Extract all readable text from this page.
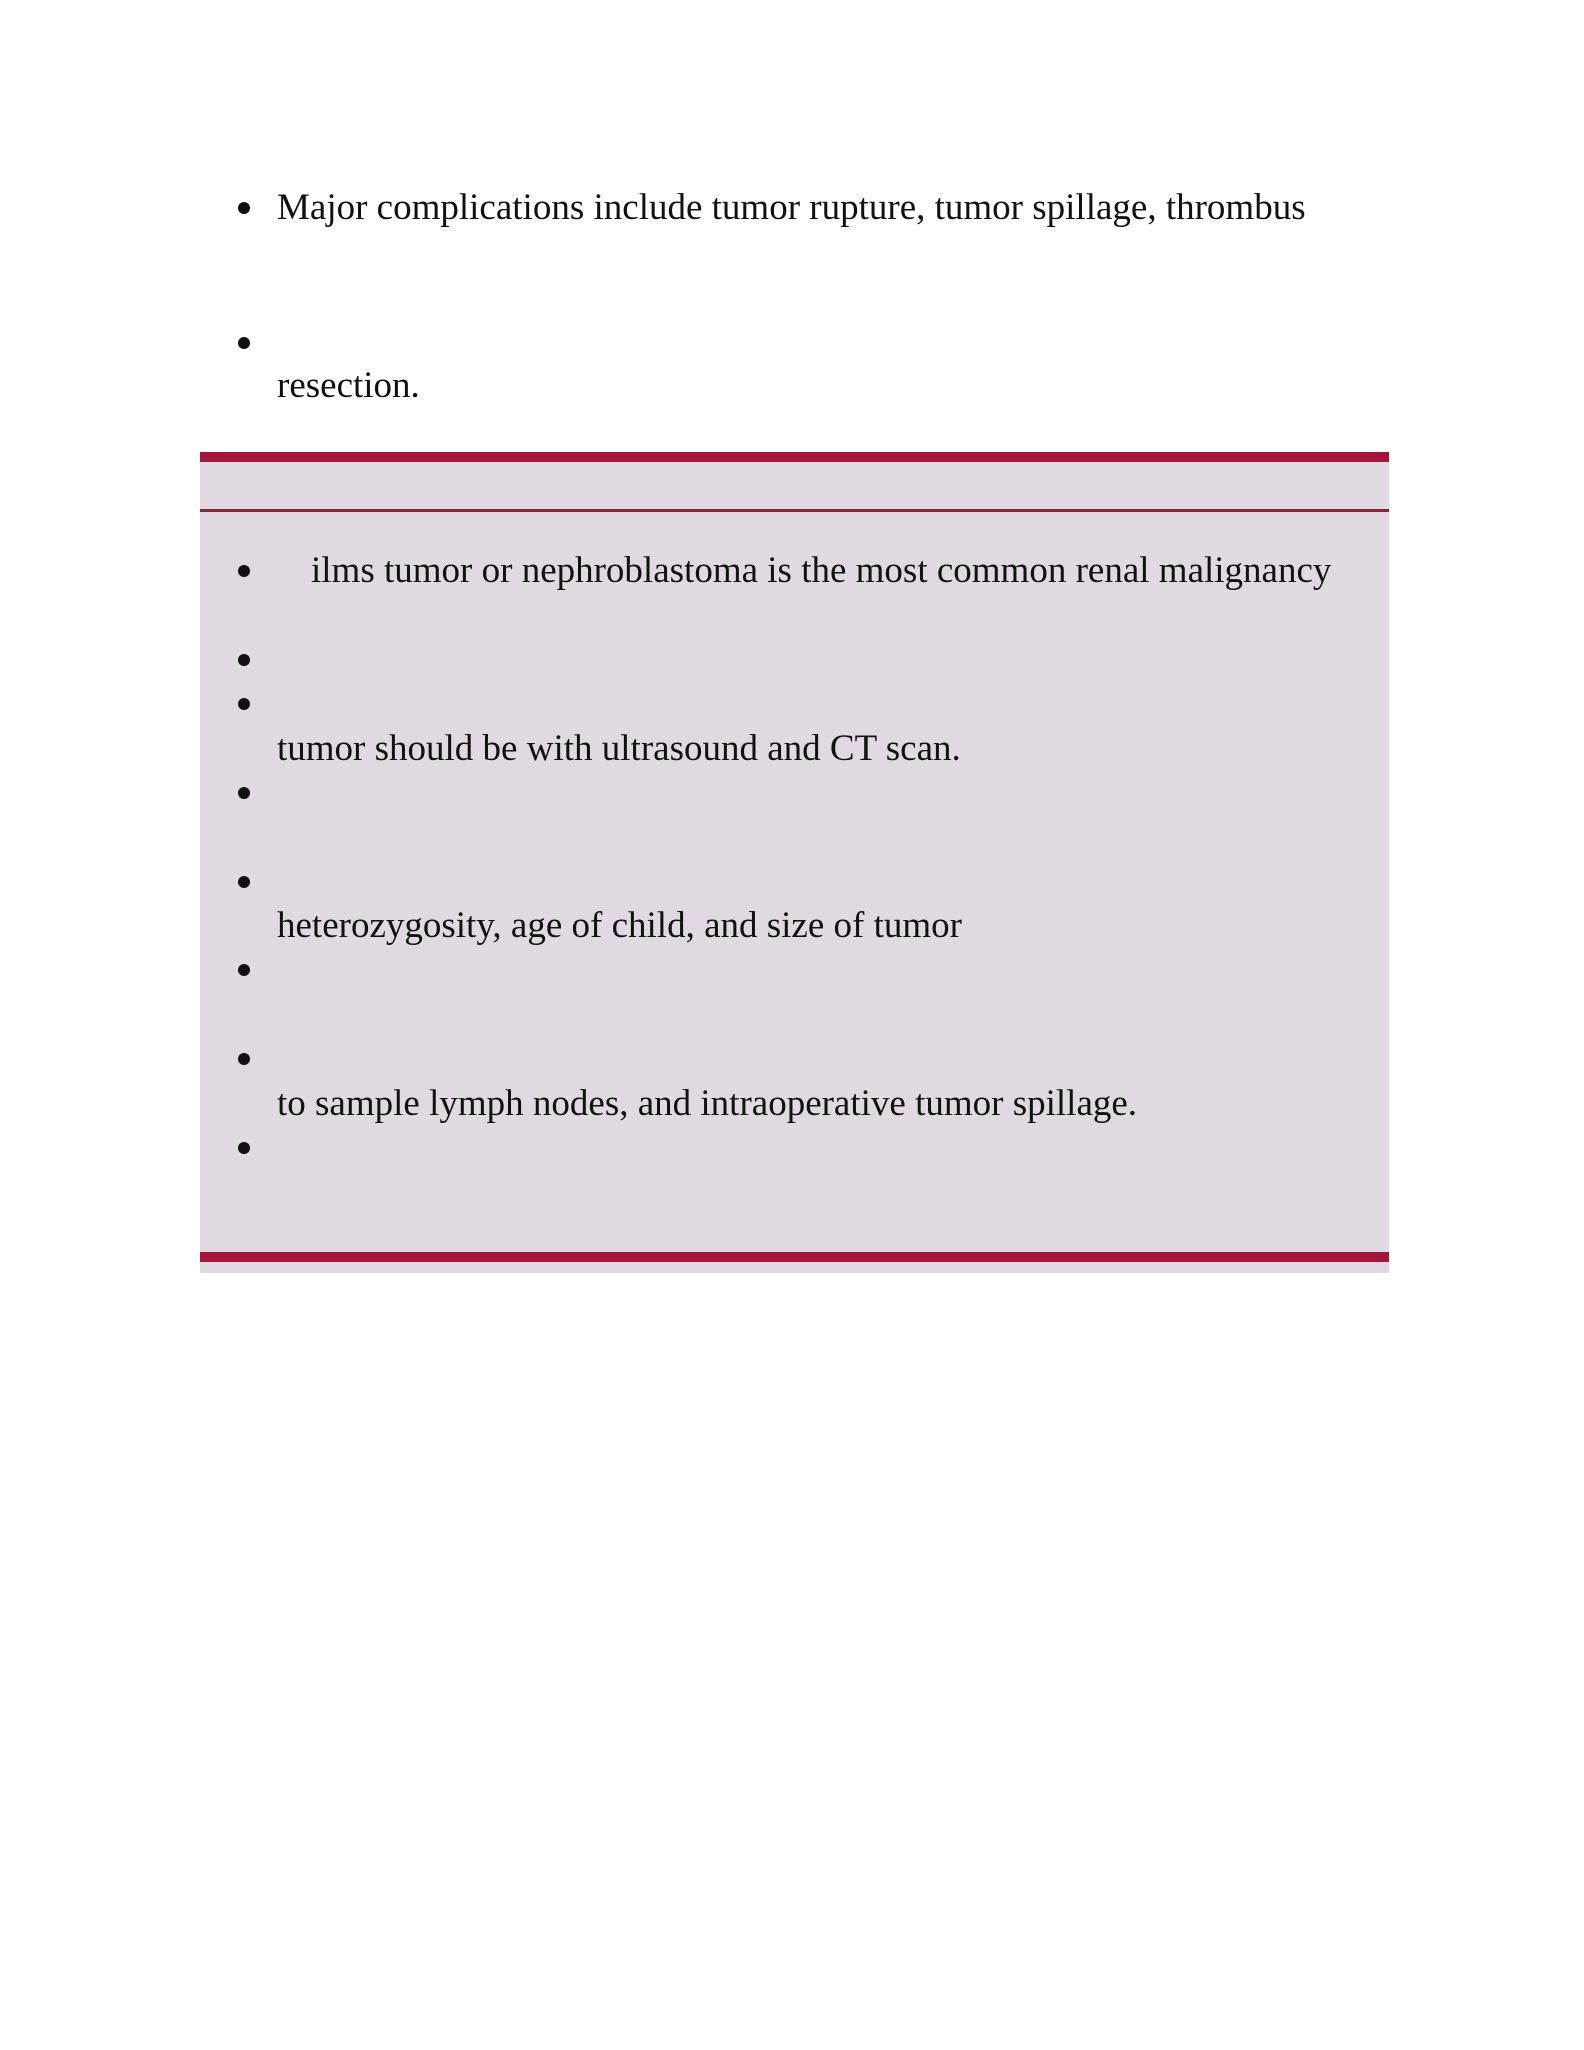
Major complications include tumor rupture, tumor spillage, thrombus
resection.
ilms tumor or nephroblastoma is the most common renal malignancy
tumor should be with ultrasound and CT scan.
heterozygosity, age of child, and size of tumor
to sample lymph nodes, and intraoperative tumor spillage.
